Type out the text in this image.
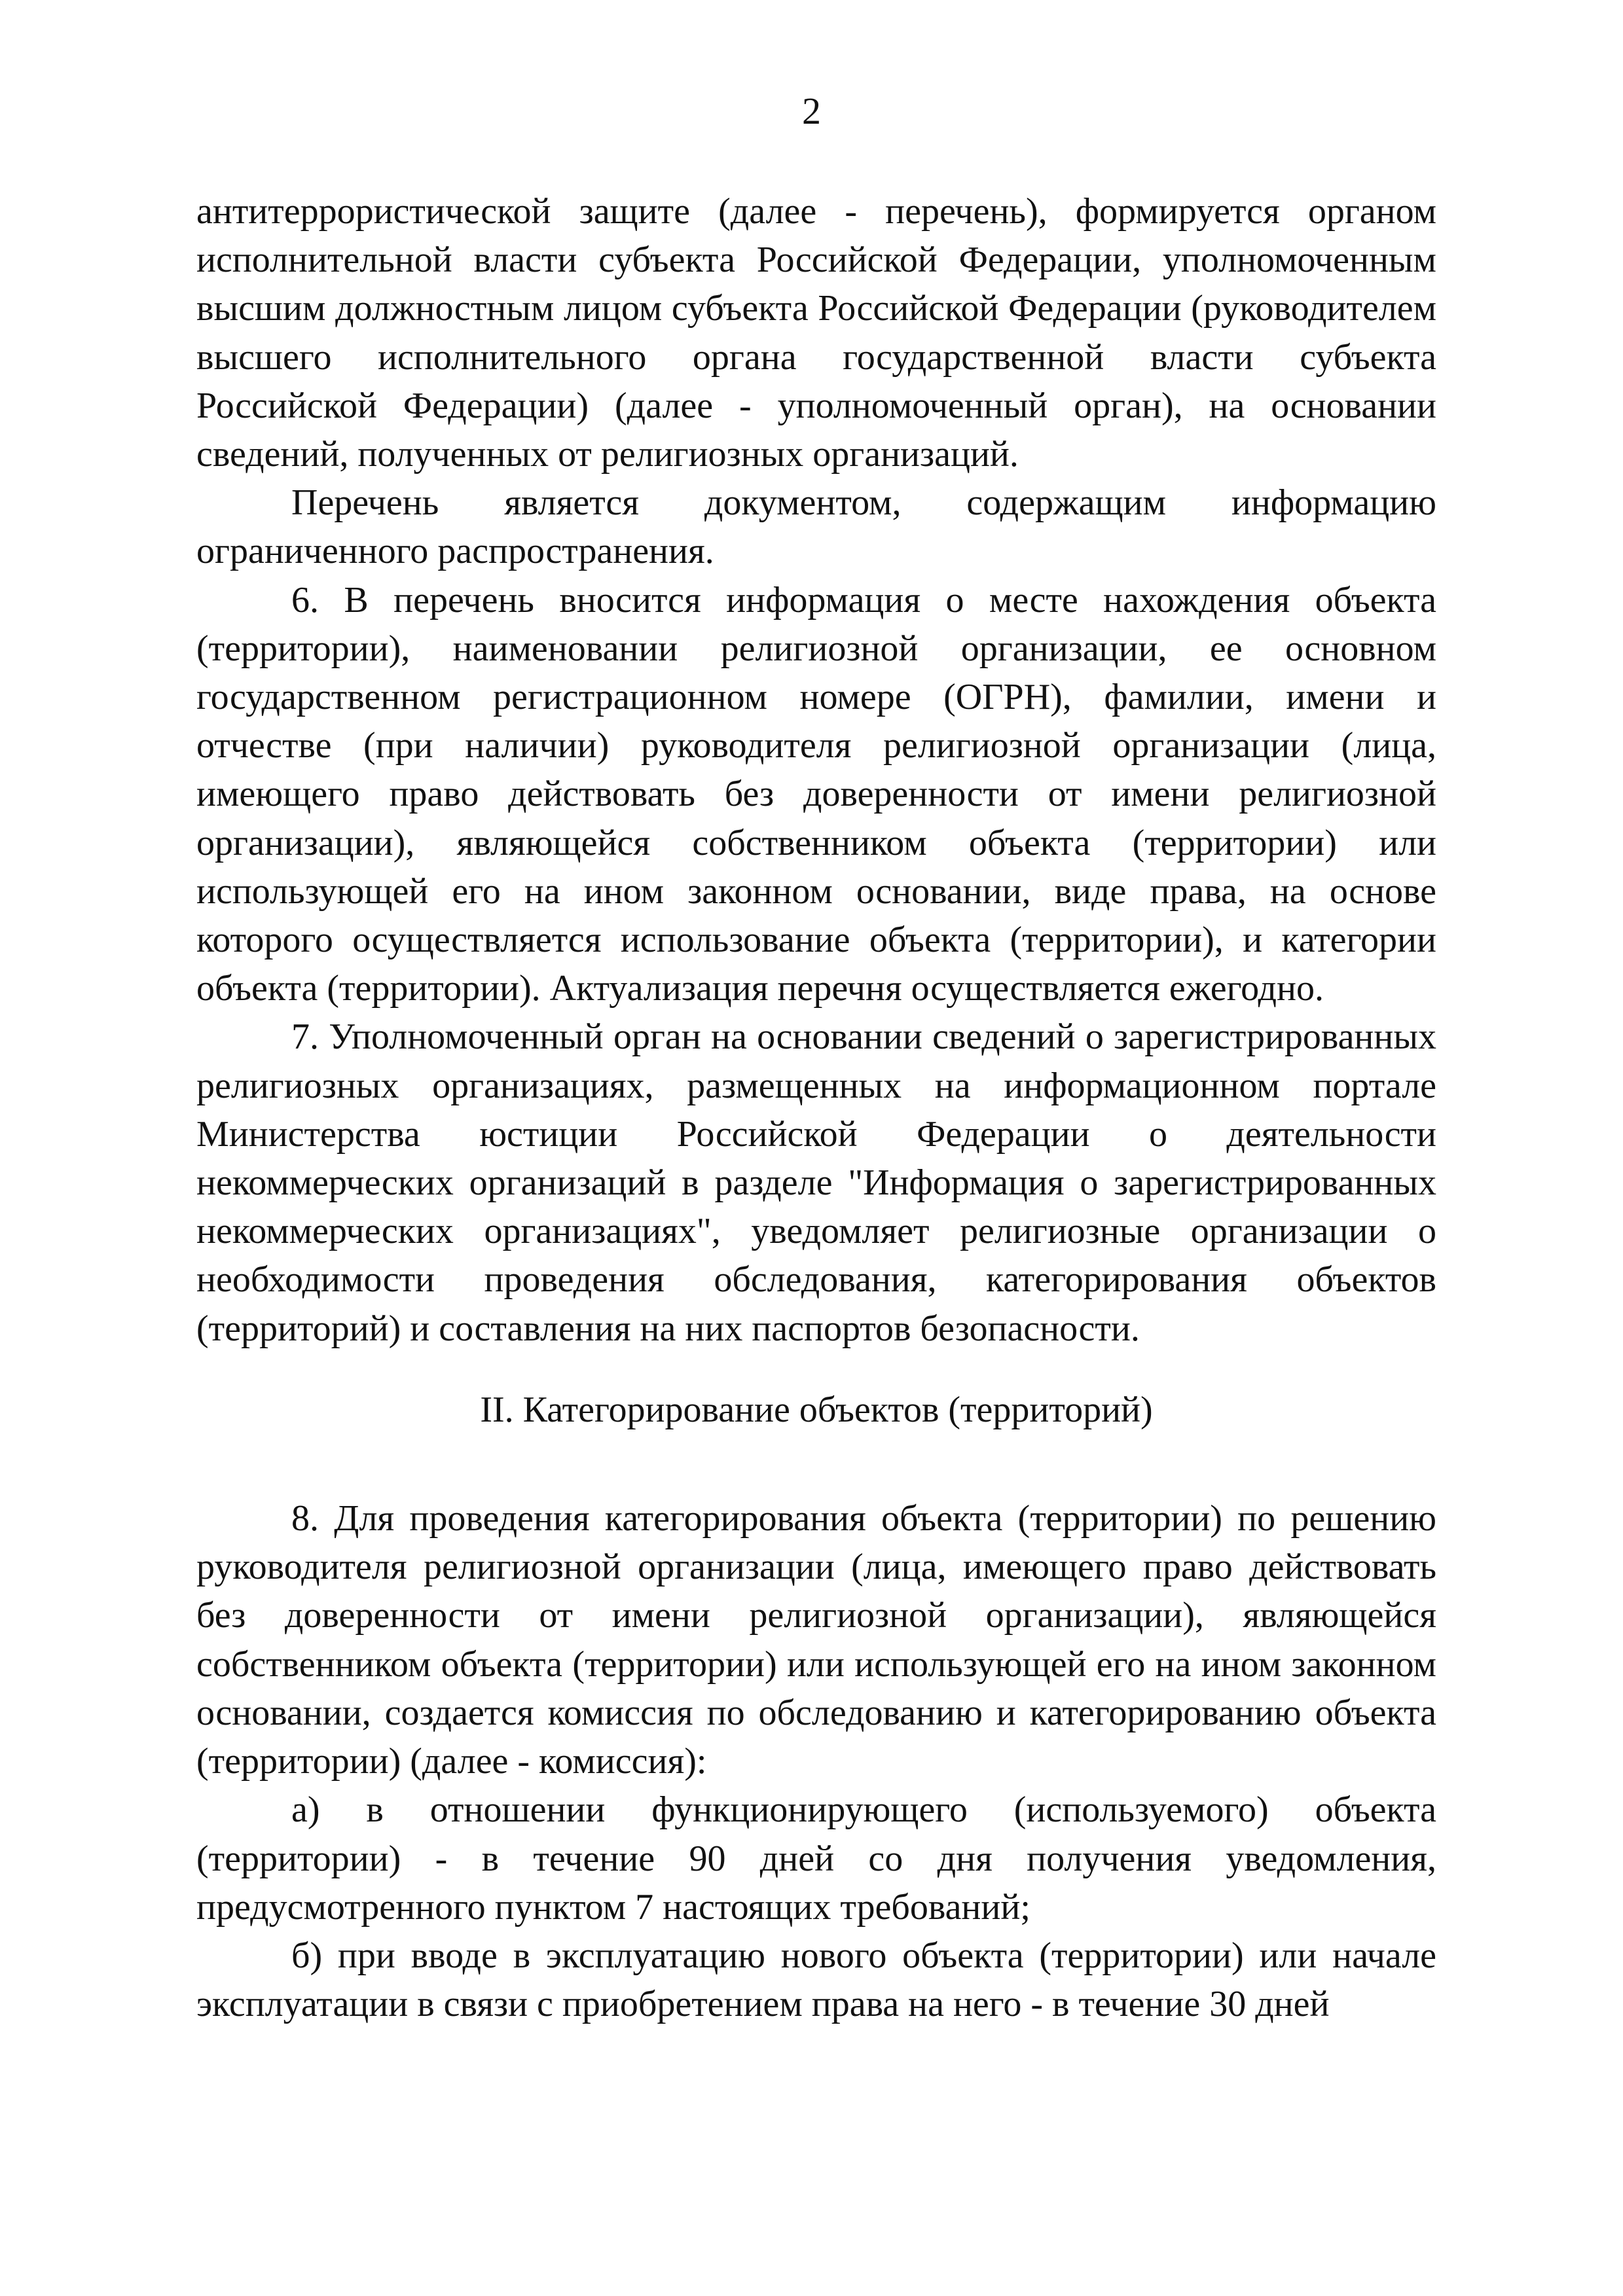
2

антитеррористической защите (далее - перечень), формируется органом исполнительной власти субъекта Российской Федерации, уполномоченным высшим должностным лицом субъекта Российской Федерации (руководителем высшего исполнительного органа государственной власти субъекта Российской Федерации) (далее - уполномоченный орган), на основании сведений, полученных от религиозных организаций.

Перечень является документом, содержащим информацию ограниченного распространения.

6. В перечень вносится информация о месте нахождения объекта (территории), наименовании религиозной организации, ее основном государственном регистрационном номере (ОГРН), фамилии, имени и отчестве (при наличии) руководителя религиозной организации (лица, имеющего право действовать без доверенности от имени религиозной организации), являющейся собственником объекта (территории) или использующей его на ином законном основании, виде права, на основе которого осуществляется использование объекта (территории), и категории объекта (территории). Актуализация перечня осуществляется ежегодно.

7. Уполномоченный орган на основании сведений о зарегистрированных религиозных организациях, размещенных на информационном портале Министерства юстиции Российской Федерации о деятельности некоммерческих организаций в разделе "Информация о зарегистрированных некоммерческих организациях", уведомляет религиозные организации о необходимости проведения обследования, категорирования объектов (территорий) и составления на них паспортов безопасности.

II. Категорирование объектов (территорий)

8. Для проведения категорирования объекта (территории) по решению руководителя религиозной организации (лица, имеющего право действовать без доверенности от имени религиозной организации), являющейся собственником объекта (территории) или использующей его на ином законном основании, создается комиссия по обследованию и категорированию объекта (территории) (далее - комиссия):

а) в отношении функционирующего (используемого) объекта (территории) - в течение 90 дней со дня получения уведомления, предусмотренного пунктом 7 настоящих требований;

б) при вводе в эксплуатацию нового объекта (территории) или начале эксплуатации в связи с приобретением права на него - в течение 30 дней
